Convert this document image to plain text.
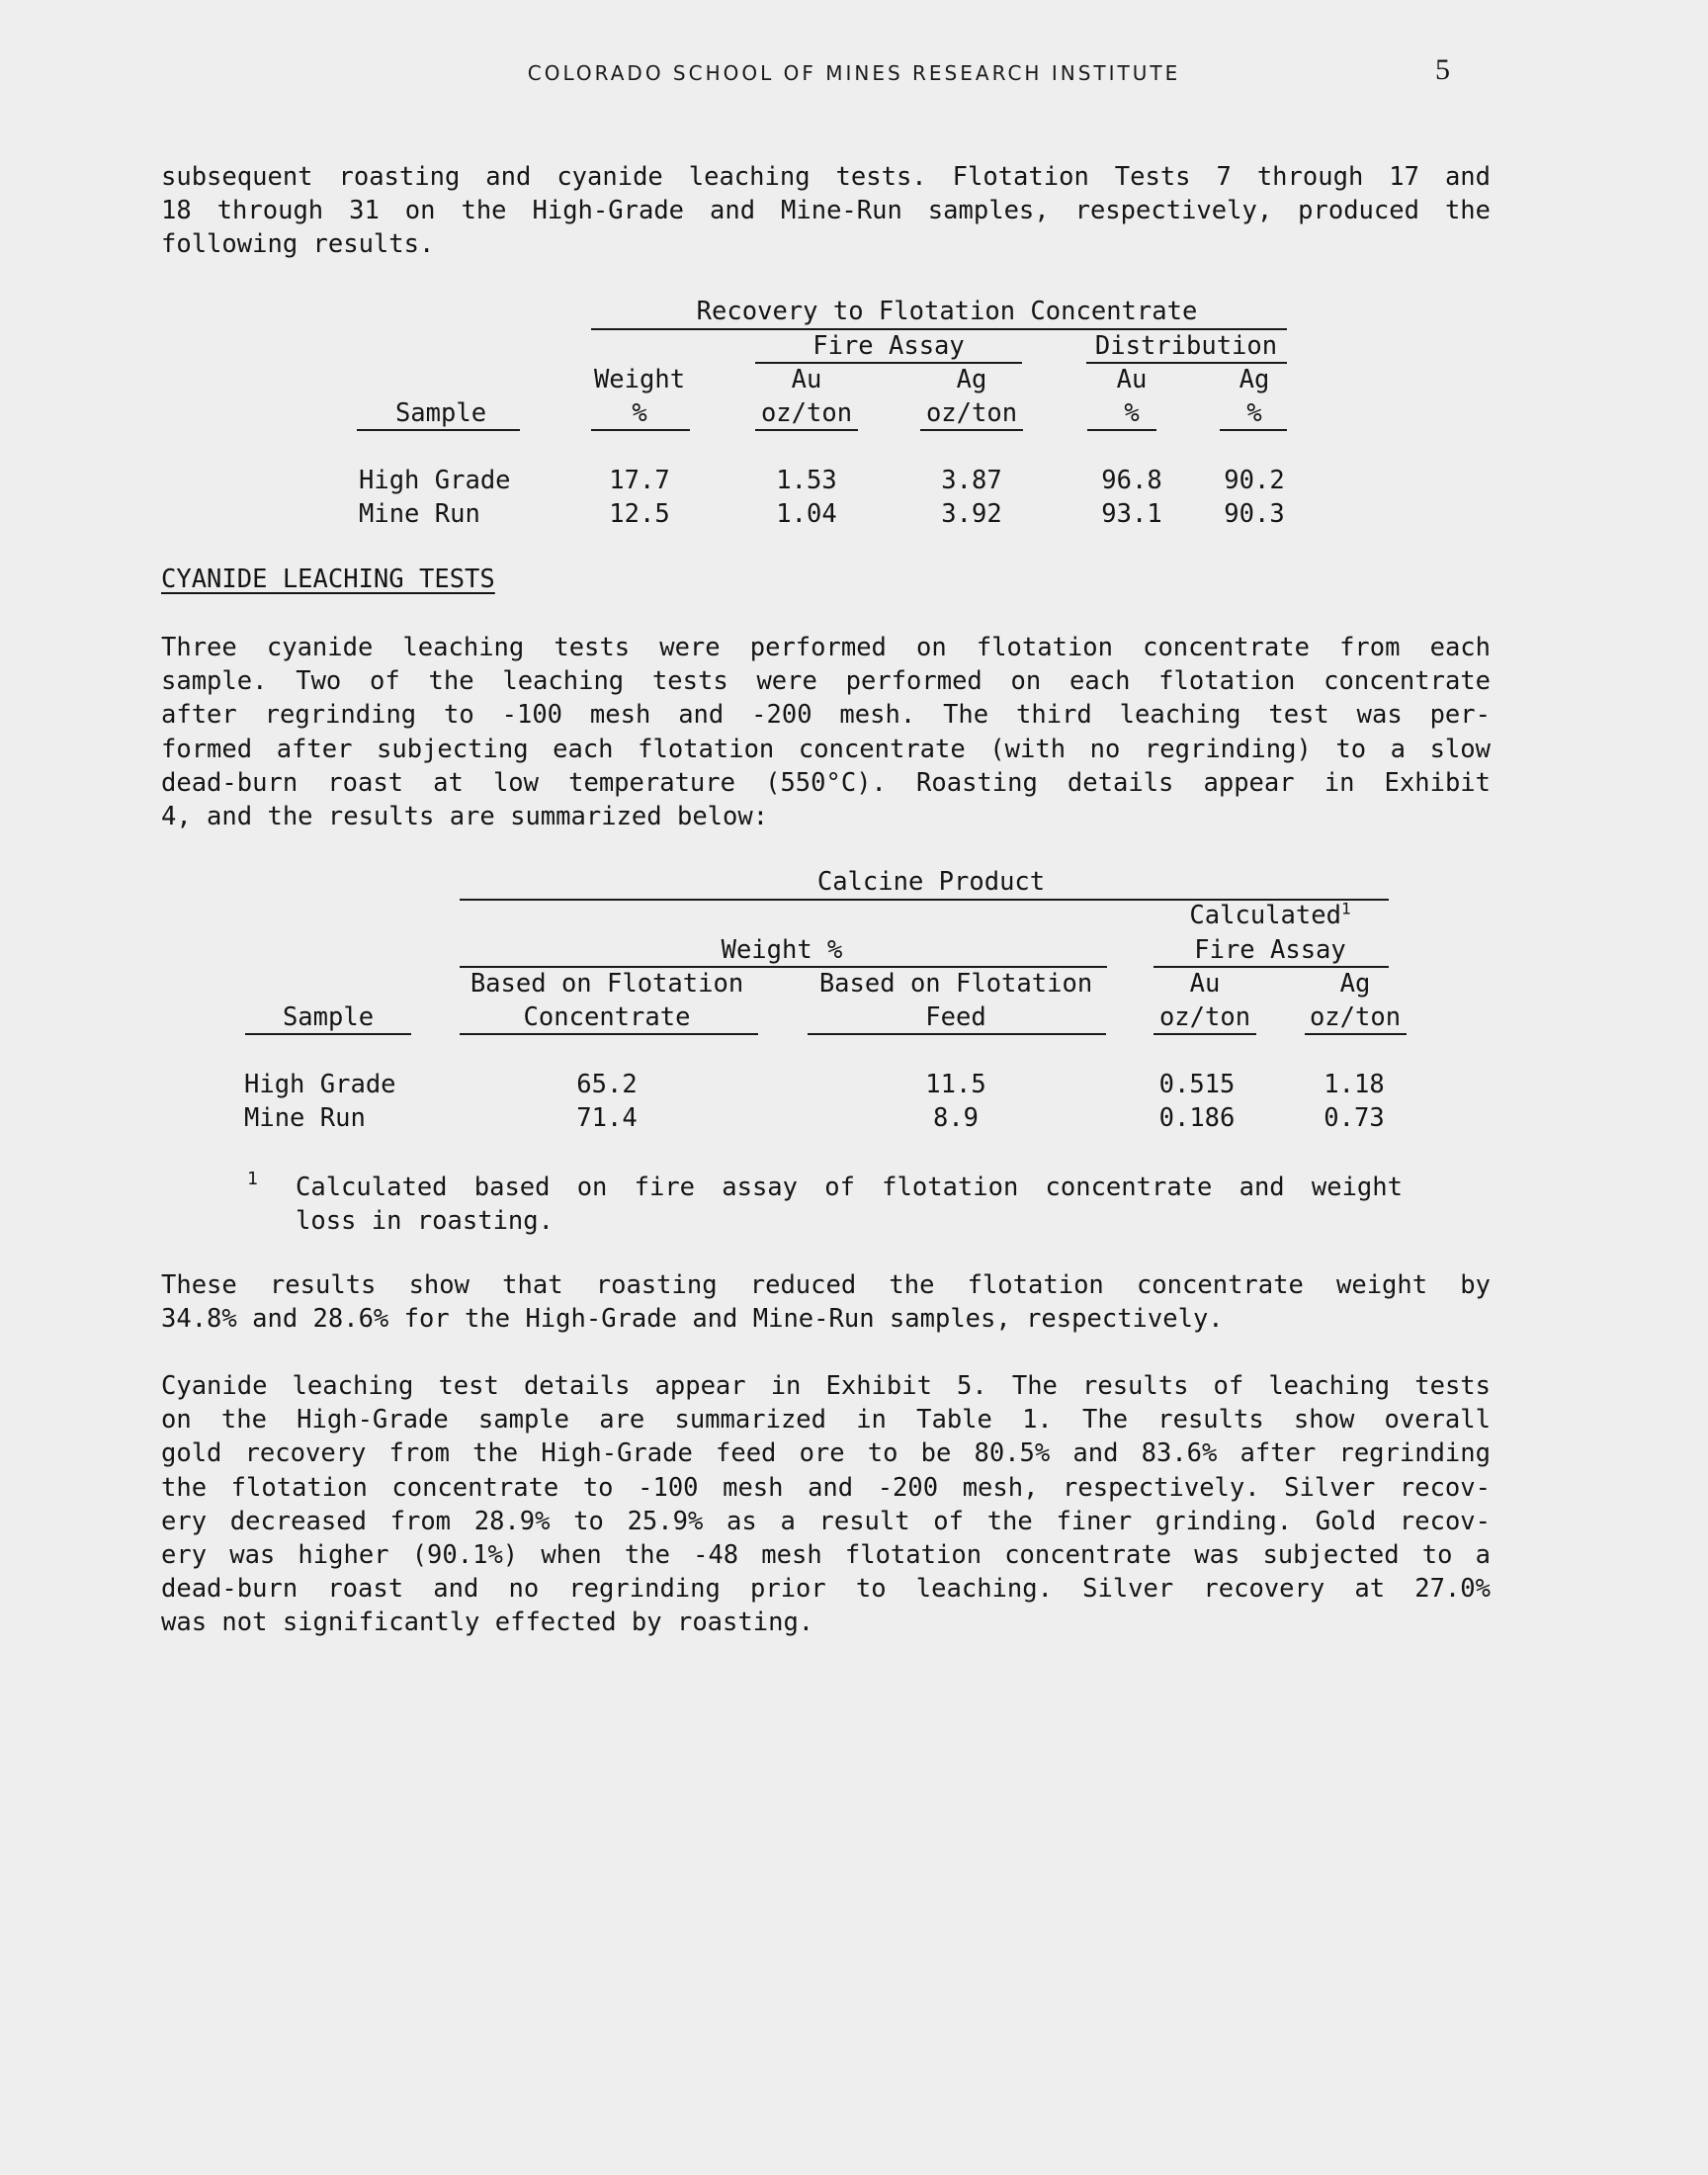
COLORADO SCHOOL OF MINES RESEARCH INSTITUTE	5

subsequent roasting and cyanide leaching tests. Flotation Tests 7 through 17 and
18 through 31 on the High-Grade and Mine-Run samples, respectively, produced the
following results.

Recovery to Flotation Concentrate
Fire Assay	Distribution
Weight	Au	Ag	Au	Ag
Sample	%	oz/ton	oz/ton	%	%
High Grade	17.7	1.53	3.87	96.8 90.2
Mine Run	12.5	1.04	3.92	93.1 90.3
CYANIDE LEACHING TESTS

Three cyanide leaching tests were performed on flotation concentrate from each
sample. Two of the leaching tests were performed on each flotation concentrate
after regrinding to -100 mesh and -200 mesh. The third leaching test was per-
formed after subjecting each flotation concentrate (with no regrinding) to a slow
dead-burn roast at low temperature (550°C). Roasting details appear in Exhibit
4, and the results are summarized below:

Calcine Product
Calculated$^1$
Weight %	Fire Assay
Based on Flotation	Based on Flotation	Au	Ag
Sample	Concentrate	Feed	oz/ton oz/ton
High Grade	65.2	11.5	0.515	1.18
Mine Run	71.4	8.9	0.186	0.73
1 Calculated based on fire assay of flotation concentrate and weight
loss in roasting.

These results show that roasting reduced the flotation concentrate weight by
34.8% and 28.6% for the High-Grade and Mine-Run samples, respectively.

Cyanide leaching test details appear in Exhibit 5. The results of leaching tests
on the High-Grade sample are summarized in Table 1. The results show overall
gold recovery from the High-Grade feed ore to be 80.5% and 83.6% after regrinding
the flotation concentrate to -100 mesh and -200 mesh, respectively. Silver recov-
ery decreased from 28.9% to 25.9% as a result of the finer grinding. Gold recov-
ery was higher (90.1%) when the -48 mesh flotation concentrate was subjected to a
dead-burn roast and no regrinding prior to leaching. Silver recovery at 27.0%
was not significantly effected by roasting.
